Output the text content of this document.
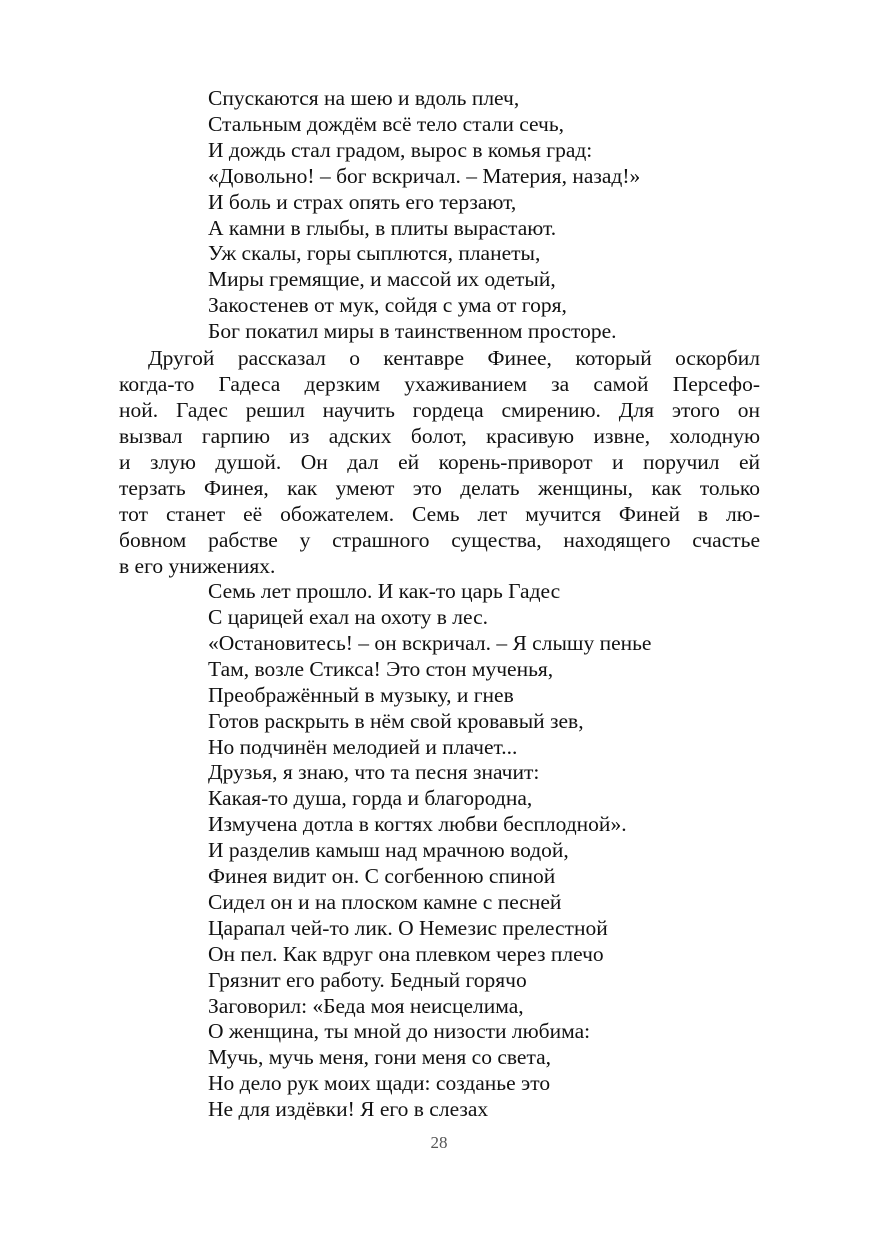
Спускаются на шею и вдоль плеч,
Стальным дождём всё тело стали сечь,
И дождь стал градом, вырос в комья град:
«Довольно! – бог вскричал. – Материя, назад!»
И боль и страх опять его терзают,
А камни в глыбы, в плиты вырастают.
Уж скалы, горы сыплются, планеты,
Миры гремящие, и массой их одетый,
Закостенев от мук, сойдя с ума от горя,
Бог покатил миры в таинственном просторе.
Другой рассказал о кентавре Финее, который оскорбил
когда-то Гадеса дерзким ухаживанием за самой Персефо-
ной. Гадес решил научить гордеца смирению. Для этого он
вызвал гарпию из адских болот, красивую извне, холодную
и злую душой. Он дал ей корень-приворот и поручил ей
терзать Финея, как умеют это делать женщины, как только
тот станет её обожателем. Семь лет мучится Финей в лю-
бовном рабстве у страшного существа, находящего счастье
в его унижениях.
Семь лет прошло. И как-то царь Гадес
С царицей ехал на охоту в лес.
«Остановитесь! – он вскричал. – Я слышу пенье
Там, возле Стикса! Это стон мученья,
Преображённый в музыку, и гнев
Готов раскрыть в нём свой кровавый зев,
Но подчинён мелодией и плачет...
Друзья, я знаю, что та песня значит:
Какая-то душа, горда и благородна,
Измучена дотла в когтях любви бесплодной».
И разделив камыш над мрачною водой,
Финея видит он. С согбенною спиной
Сидел он и на плоском камне с песней
Царапал чей-то лик. О Немезис прелестной
Он пел. Как вдруг она плевком через плечо
Грязнит его работу. Бедный горячо
Заговорил: «Беда моя неисцелима,
О женщина, ты мной до низости любима:
Мучь, мучь меня, гони меня со света,
Но дело рук моих щади: созданье это
Не для издёвки! Я его в слезах
28
